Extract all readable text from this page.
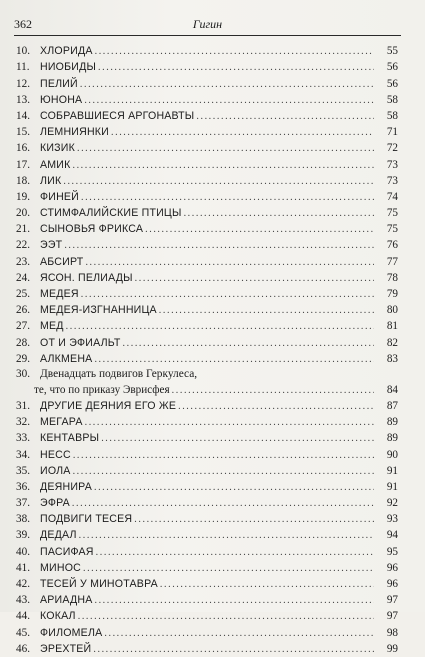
362	Гигин
10. ХЛОРИДА .....	55
11. НИОБИДЫ .....	56
12. ПЕЛИЙ .....	56
13. ЮНОНА .....	58
14. СОБРАВШИЕСЯ АРГОНАВТЫ .....	58
15. ЛЕМНИЯНКИ .....	71
16. КИЗИК .....	72
17. АМИК .....	73
18. ЛИК .....	73
19. ФИНЕЙ .....	74
20. СТИМФАЛИЙСКИЕ ПТИЦЫ .....	75
21. СЫНОВЬЯ ФРИКСА .....	75
22. ЭЭТ .....	76
23. АБСИРТ .....	77
24. ЯСОН. ПЕЛИАДЫ .....	78
25. МЕДЕЯ .....	79
26. МЕДЕЯ-ИЗГНАННИЦА .....	80
27. МЕД .....	81
28. ОТ И ЭФИАЛЬТ .....	82
29. АЛКМЕНА .....	83
30. Двенадцать подвигов Геркулеса,
те, что по приказу Эврисфея .....	84
31. ДРУГИЕ ДЕЯНИЯ ЕГО ЖЕ .....	87
32. МЕГАРА .....	89
33. КЕНТАВРЫ .....	89
34. НЕСС .....	90
35. ИОЛА .....	91
36. ДЕЯНИРА .....	91
37. ЭФРА .....	92
38. ПОДВИГИ ТЕСЕЯ .....	93
39. ДЕДАЛ .....	94
40. ПАСИФАЯ .....	95
41. МИНОС .....	96
42. ТЕСЕЙ У МИНОТАВРА .....	96
43. АРИАДНА .....	97
44. КОКАЛ .....	97
45. ФИЛОМЕЛА .....	98
46. ЭРЕХТЕЙ .....	99
